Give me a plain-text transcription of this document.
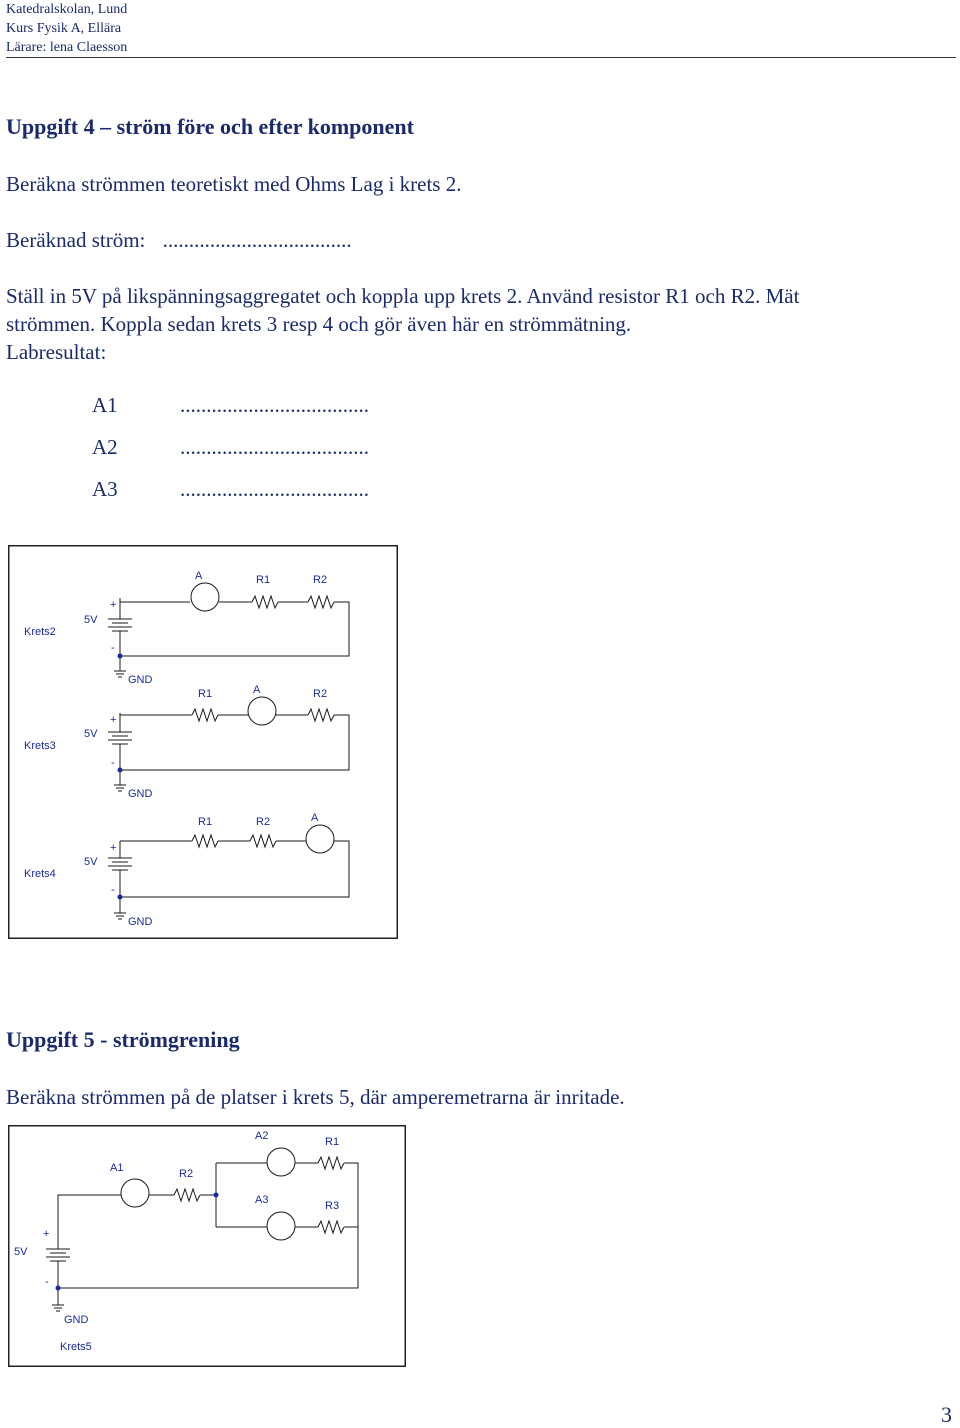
Katedralskolan, Lund
Kurs Fysik A, Ellära
Lärare: lena Claesson
Uppgift 4 – ström före och efter komponent
Beräkna strömmen teoretiskt med Ohms Lag i krets 2.
Beräknad ström: ....................................
Ställ in 5V på likspänningsaggregatet och koppla upp krets 2. Använd resistor R1 och R2. Mät
strömmen. Koppla sedan krets 3 resp 4 och gör även här en strömmätning.
Labresultat:
A1	....................................
A2	....................................
A3	....................................
A	R1	R2
+
5V
Krets2
-
GND
R1	A	R2
+
5V
Krets3
-
GND
R1	R2	A
+
5V
Krets4
-
GND
Uppgift 5 - strömgrening
Beräkna strömmen på de platser i krets 5, där amperemetrarna är inritade.
A2	R1
A1	R2
A3	R3
+
5V
-
GND
Krets5
3
